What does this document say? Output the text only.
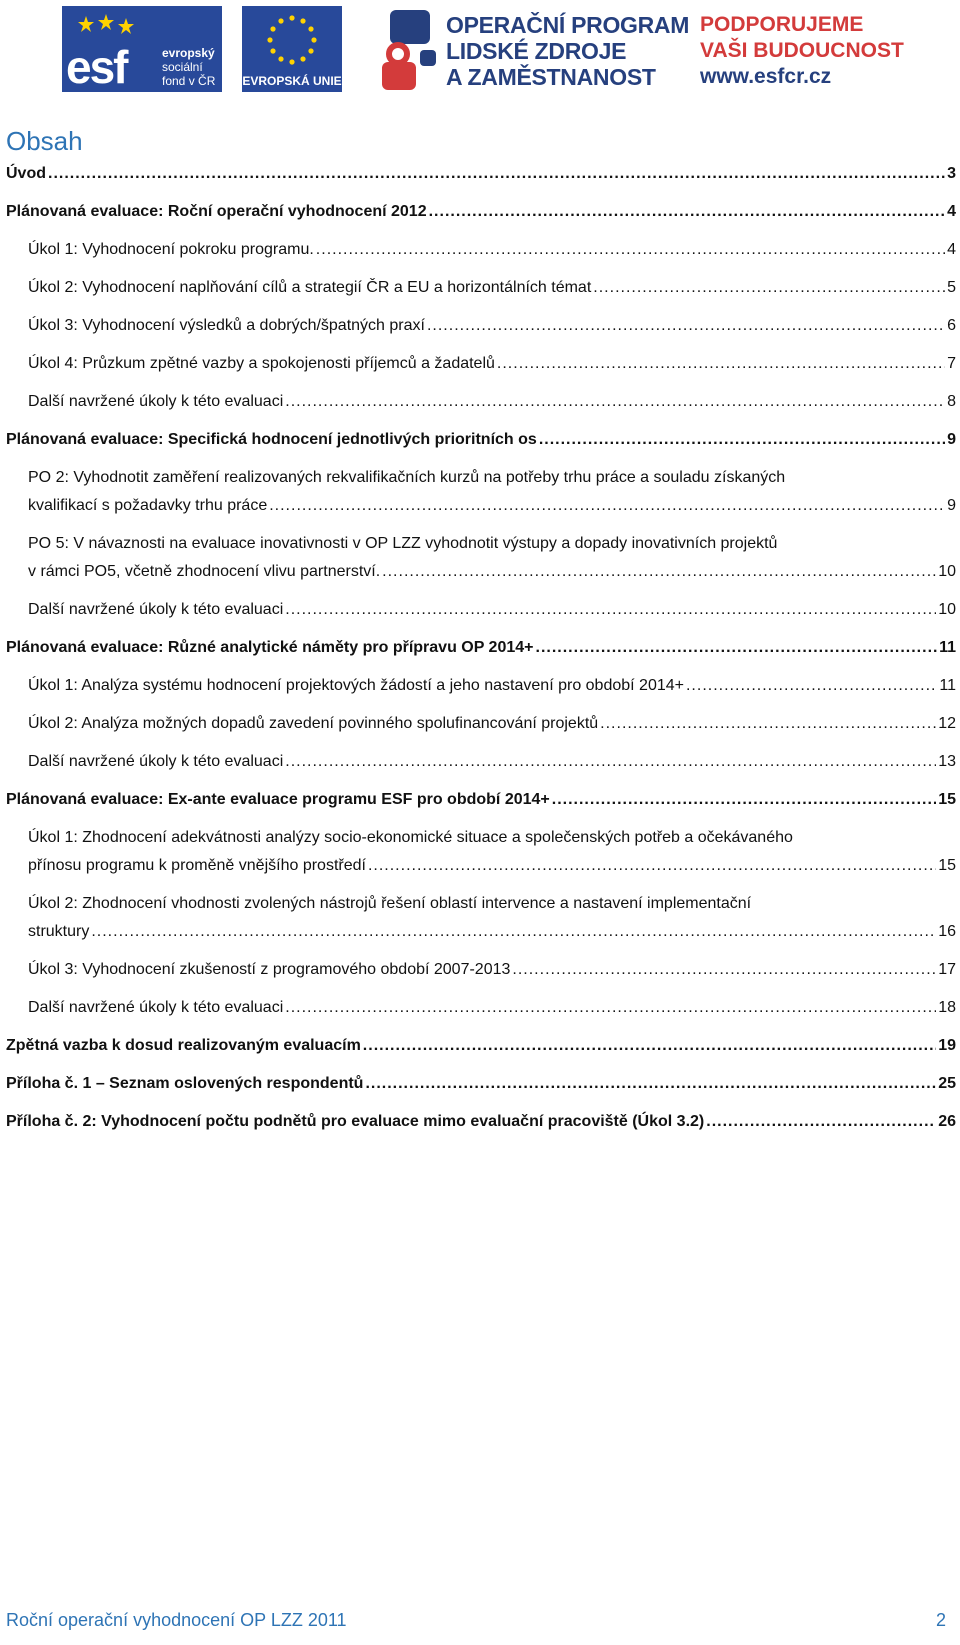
esf	evropský
sociální
fond v ČR EVROPSKÁ UNIE
OPERAČNÍ PROGRAM
LIDSKÉ ZDROJE
A ZAMĚSTNANOST
PODPORUJEME
VAŠI BUDOUCNOST
www.esfcr.cz
Obsah
Úvod .....	3
Plánovaná evaluace: Roční operační vyhodnocení 2012 .....	4
Úkol 1: Vyhodnocení pokroku programu. .....	4
Úkol 2: Vyhodnocení naplňování cílů a strategií ČR a EU a horizontálních témat .....	5
Úkol 3: Vyhodnocení výsledků a dobrých/špatných praxí .....	6
Úkol 4: Průzkum zpětné vazby a spokojenosti příjemců a žadatelů .....	7
Další navržené úkoly k této evaluaci .....	8
Plánovaná evaluace: Specifická hodnocení jednotlivých prioritních os .....	9
PO 2: Vyhodnotit zaměření realizovaných rekvalifikačních kurzů na potřeby trhu práce a souladu získaných
kvalifikací s požadavky trhu práce .....	9
PO 5: V návaznosti na evaluace inovativnosti v OP LZZ vyhodnotit výstupy a dopady inovativních projektů
v rámci PO5, včetně zhodnocení vlivu partnerství. .....	10
Další navržené úkoly k této evaluaci .....	10
Plánovaná evaluace: Různé analytické náměty pro přípravu OP 2014+ .....	11
Úkol 1: Analýza systému hodnocení projektových žádostí a jeho nastavení pro období 2014+ .....	11
Úkol 2: Analýza možných dopadů zavedení povinného spolufinancování projektů .....	12
Další navržené úkoly k této evaluaci .....	13
Plánovaná evaluace: Ex-ante evaluace programu ESF pro období 2014+ .....	15
Úkol 1: Zhodnocení adekvátnosti analýzy socio-ekonomické situace a společenských potřeb a očekávaného
přínosu programu k proměně vnějšího prostředí .....	15
Úkol 2: Zhodnocení vhodnosti zvolených nástrojů řešení oblastí intervence a nastavení implementační
struktury .....	16
Úkol 3: Vyhodnocení zkušeností z programového období 2007-2013 .....	17
Další navržené úkoly k této evaluaci .....	18
Zpětná vazba k dosud realizovaným evaluacím .....	19
Příloha č. 1 – Seznam oslovených respondentů .....	25
Příloha č. 2: Vyhodnocení počtu podnětů pro evaluace mimo evaluační pracoviště (Úkol 3.2) .....	26
Roční operační vyhodnocení OP LZZ 2011	2
